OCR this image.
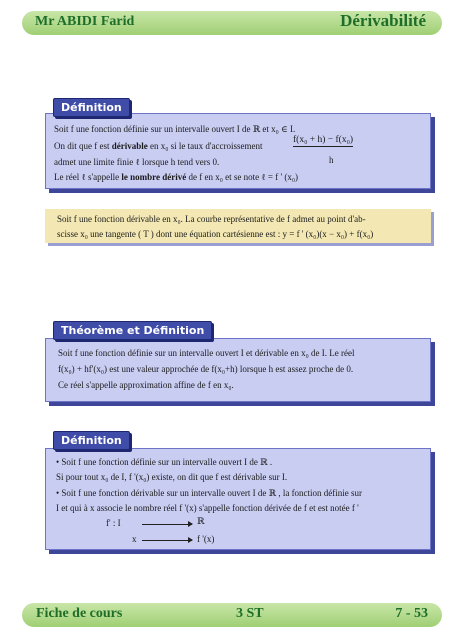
Mr ABIDI Farid	Dérivabilité
Soit f une fonction définie sur un intervalle ouvert I de ℝ et x₀ ∈ I.
On dit que f est dérivable en x₀ si le taux d'accroissement
f(x₀ + h) − f(x₀)
h
admet une limite finie ℓ lorsque h tend vers 0.
Le réel ℓ s'appelle le nombre dérivé de f en x₀ et se note ℓ = f ' (x₀)
Définition
Soit f une fonction dérivable en x₀. La courbe représentative de f admet au point d'ab-
scisse x₀ une tangente ( T ) dont une équation cartésienne est : y = f ' (x₀)(x − x₀) + f(x₀)
Soit f une fonction définie sur un intervalle ouvert I et dérivable en x₀ de I. Le réel
f(x₀) + hf'(x₀) est une valeur approchée de f(x₀+h) lorsque h est assez proche de 0.
Ce réel s'appelle approximation affine de f en x₀.
Théorème et Définition
• Soit f une fonction définie sur un intervalle ouvert I de ℝ .
Si pour tout x₀ de I, f '(x₀) existe, on dit que f est dérivable sur I.
• Soit f une fonction dérivable sur un intervalle ouvert I de ℝ , la fonction définie sur
I et qui à x associe le nombre réel f '(x) s'appelle fonction dérivée de f et est notée f '
f' : I	ℝ
x	f '(x)
Définition
Fiche de cours	3 ST	7 - 53
